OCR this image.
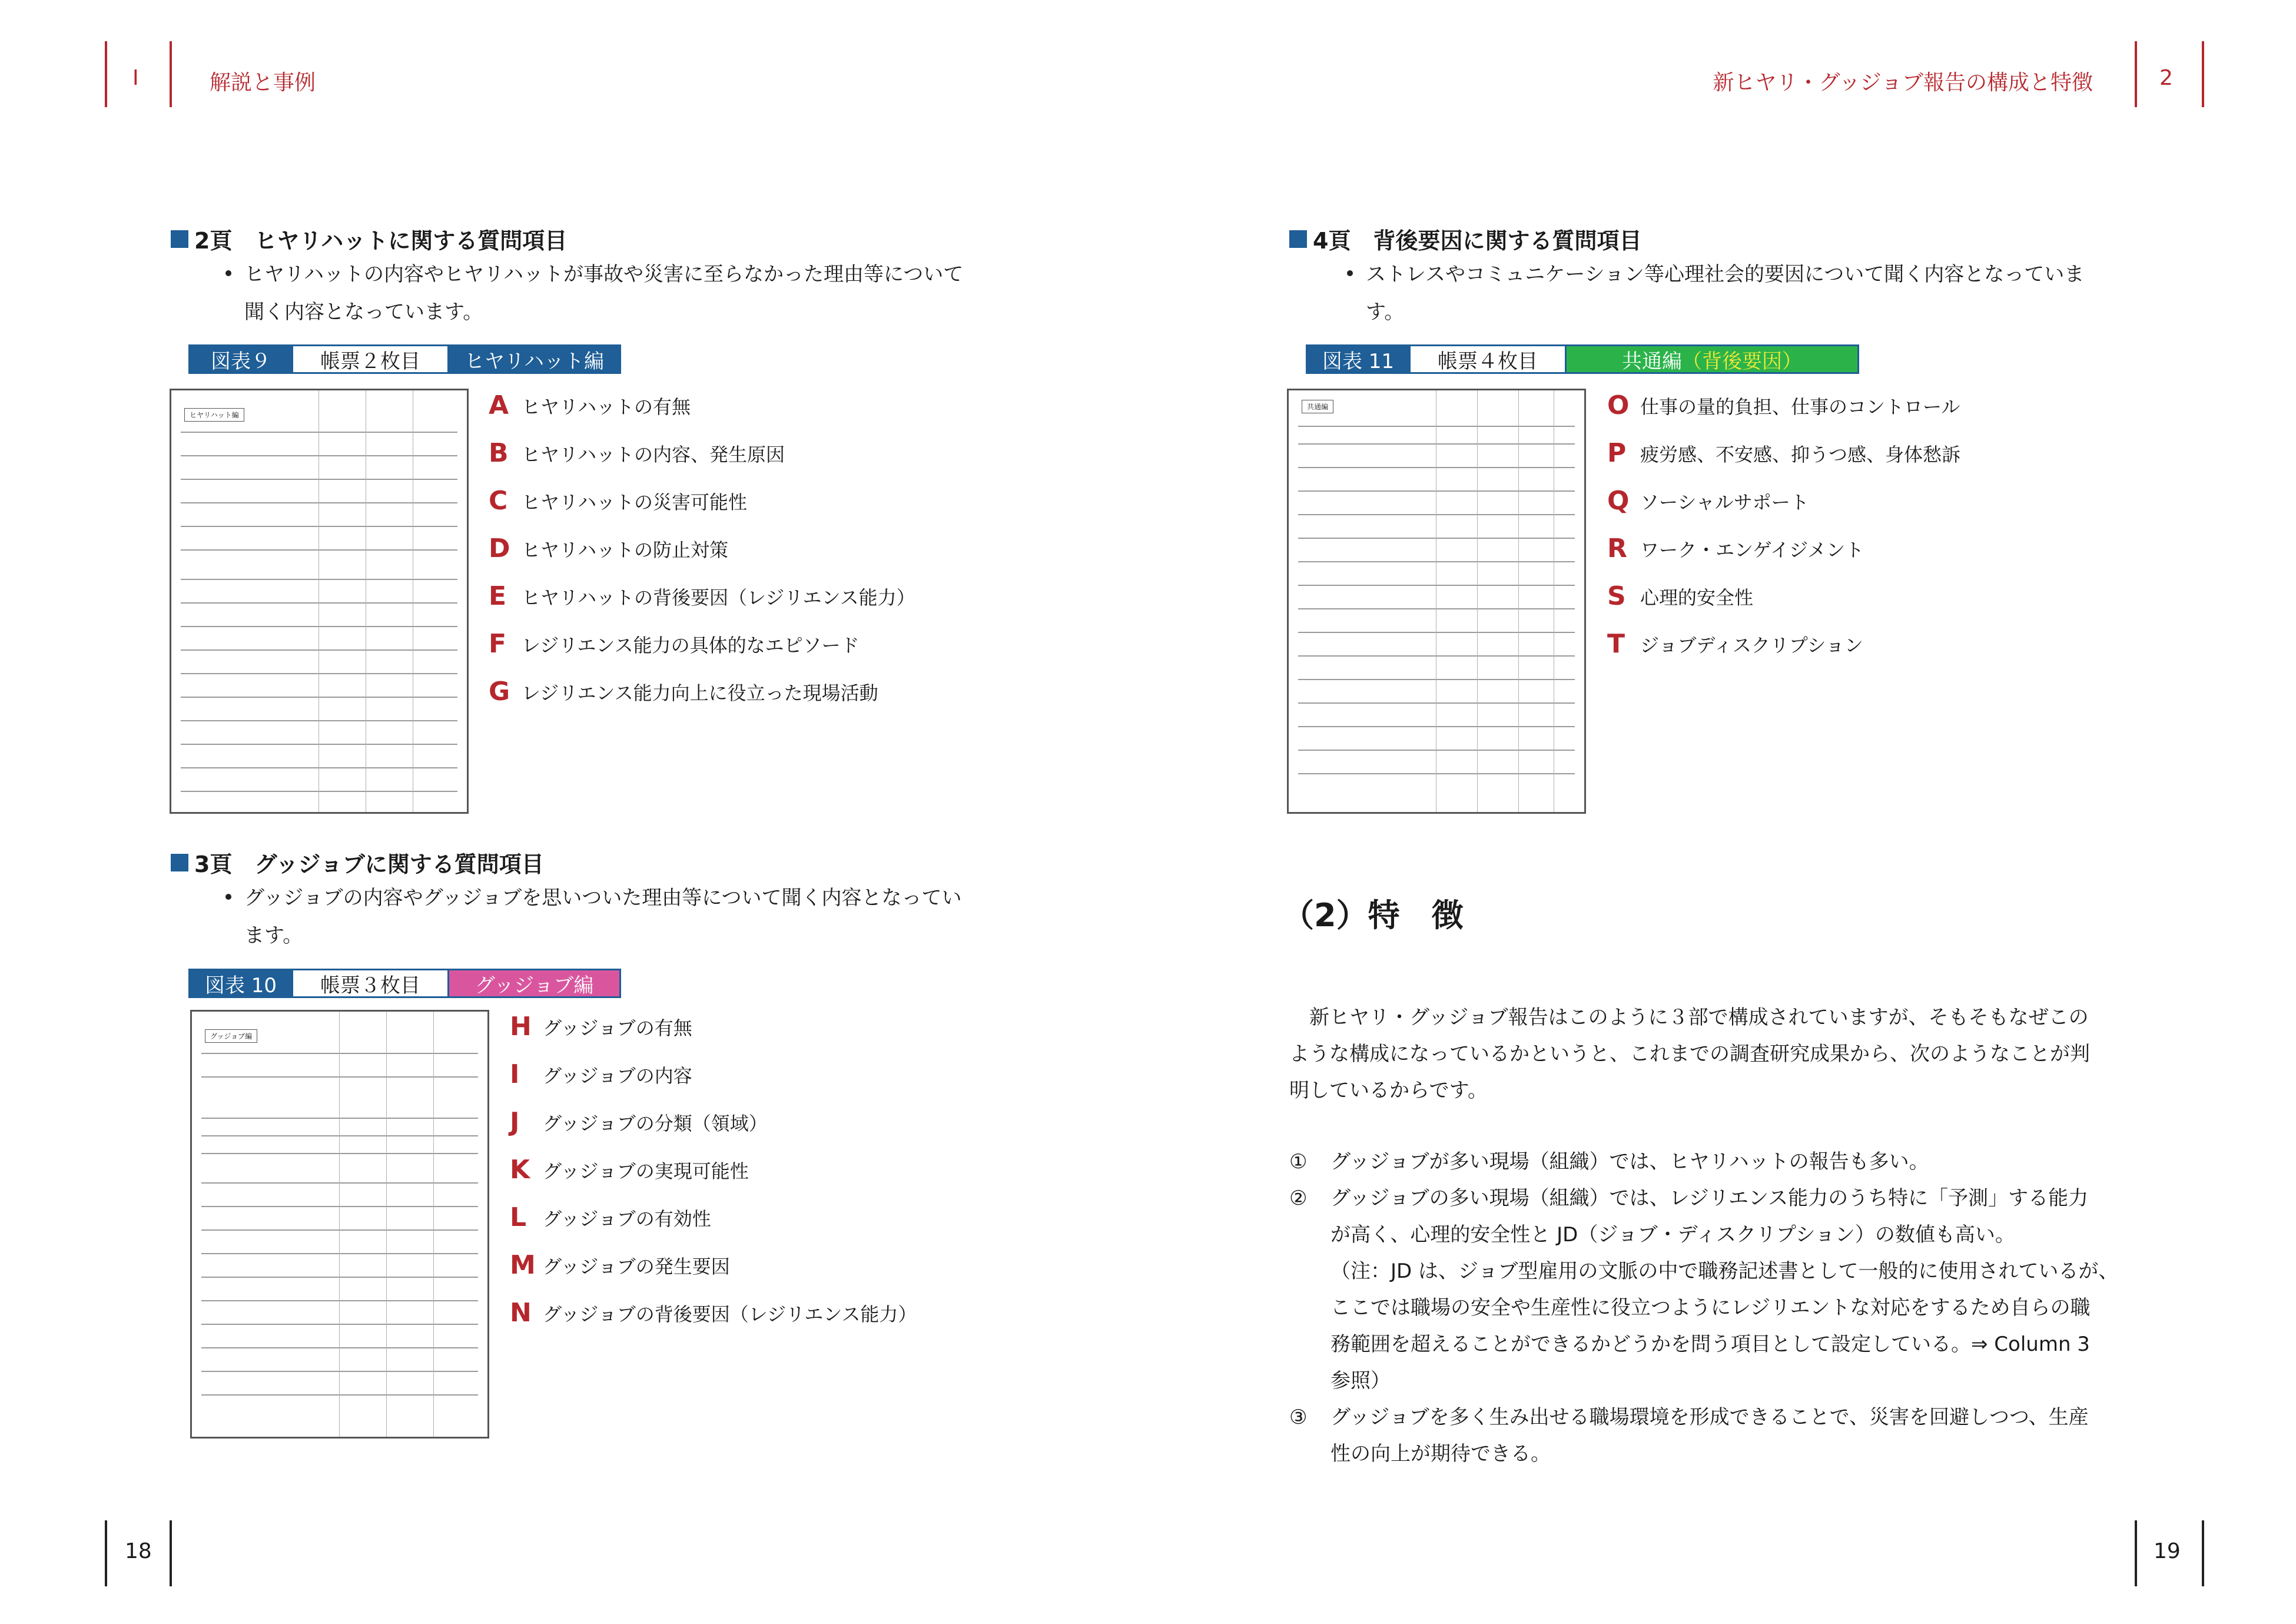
I	解説と事例	新ヒヤリ・グッジョブ報告の構成と特徴	2
2頁　ヒヤリハットに関する質問項目
ヒヤリハットの内容やヒヤリハットが事故や災害に至らなかった理由等について
聞く内容となっています。
図表９	帳票２枚目	ヒヤリハット編
ヒヤリハット編	A ヒヤリハットの有無
B ヒヤリハットの内容、発生原因
C ヒヤリハットの災害可能性
D ヒヤリハットの防止対策
E ヒヤリハットの背後要因（レジリエンス能力）
F レジリエンス能力の具体的なエピソード
G レジリエンス能力向上に役立った現場活動
3頁　グッジョブに関する質問項目
グッジョブの内容やグッジョブを思いついた理由等について聞く内容となってい
ます。
図表 10	帳票３枚目	グッジョブ編
グッジョブ編	H グッジョブの有無
I	グッジョブの内容
J	グッジョブの分類（領域）
K グッジョブの実現可能性
L グッジョブの有効性
M グッジョブの発生要因
N グッジョブの背後要因（レジリエンス能力）
4頁　背後要因に関する質問項目
ストレスやコミュニケーション等心理社会的要因について聞く内容となっていま
す。
図表 11	帳票４枚目	共通編 （背後要因）
共通編	O 仕事の量的負担、仕事のコントロール
P 疲労感、不安感、抑うつ感、身体愁訴
Q ソーシャルサポート
R ワーク・エンゲイジメント
S 心理的安全性
T ジョブディスクリプション
（2）特　徴
新ヒヤリ・グッジョブ報告はこのように３部で構成されていますが、そもそもなぜこの
ような構成になっているかというと、これまでの調査研究成果から、次のようなことが判
明しているからです。
①	グッジョブが多い現場（組織）では、ヒヤリハットの報告も多い。
②	グッジョブの多い現場（組織）では、レジリエンス能力のうち特に「予測」する能力
が高く、心理的安全性と JD（ジョブ・ディスクリプション）の数値も高い。
（注：JD は、ジョブ型雇用の文脈の中で職務記述書として一般的に使用されているが、
ここでは職場の安全や生産性に役立つようにレジリエントな対応をするため自らの職
務範囲を超えることができるかどうかを問う項目として設定している。⇒ Column 3
参照）
③	グッジョブを多く生み出せる職場環境を形成できることで、災害を回避しつつ、生産
性の向上が期待できる。
18	19
